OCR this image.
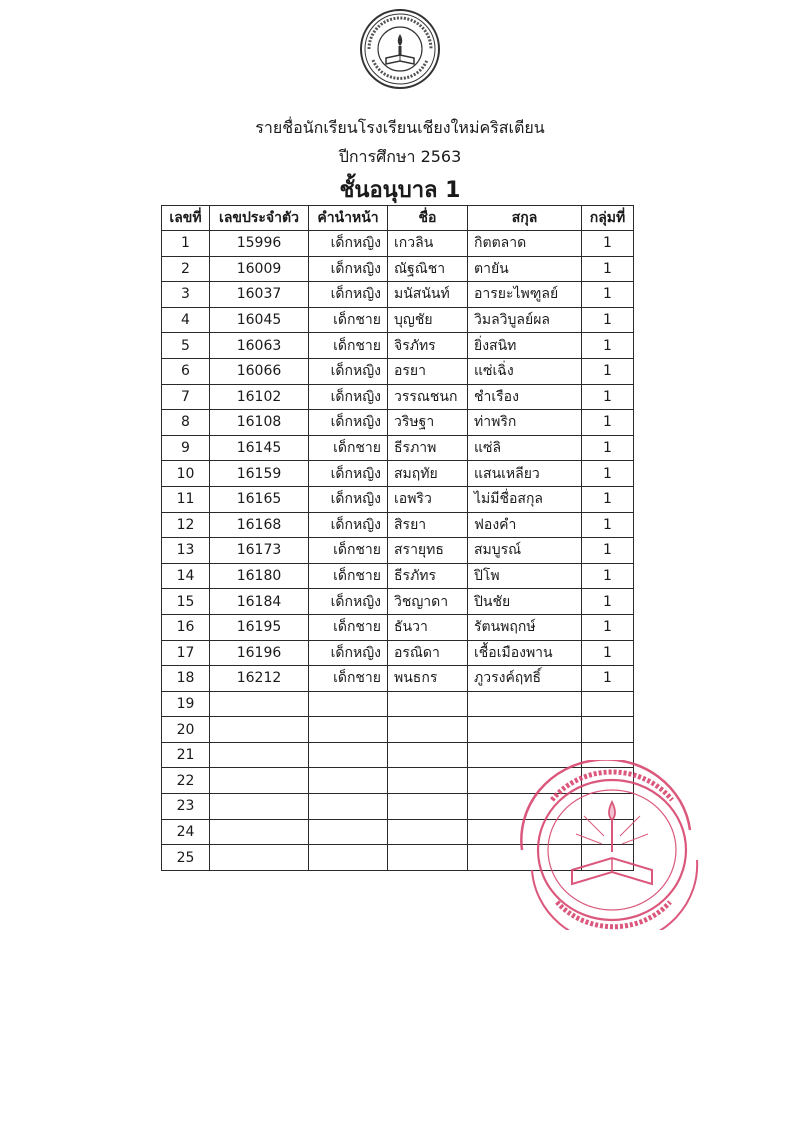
รายชื่อนักเรียนโรงเรียนเชียงใหม่คริสเตียน
ปีการศึกษา 2563
ชั้นอนุบาล 1
เลขที่	เลขประจำตัว	คำนำหน้า	ชื่อ	สกุล	กลุ่มที่
1	15996	เด็กหญิง	เกวลิน	กิตตลาด	1
2	16009	เด็กหญิง	ณัฐณิชา	ตายัน	1
3	16037	เด็กหญิง	มนัสนันท์	อารยะไพฑูลย์	1
4	16045	เด็กชาย	บุญชัย	วิมลวิบูลย์ผล	1
5	16063	เด็กชาย	จิรภัทร	ยิ่งสนิท	1
6	16066	เด็กหญิง	อรยา	แซ่เฉิ่ง	1
7	16102	เด็กหญิง	วรรณชนก	ชำเรือง	1
8	16108	เด็กหญิง	วริษฐา	ท่าพริก	1
9	16145	เด็กชาย	ธีรภาพ	แซ่ลิ	1
10	16159	เด็กหญิง	สมฤทัย	แสนเหลียว	1
11	16165	เด็กหญิง	เอพริว	ไม่มีชื่อสกุล	1
12	16168	เด็กหญิง	สิรยา	ฟองคำ	1
13	16173	เด็กชาย	สรายุทธ	สมบูรณ์	1
14	16180	เด็กชาย	ธีรภัทร	ปิโพ	1
15	16184	เด็กหญิง	วิชญาดา	ปินชัย	1
16	16195	เด็กชาย	ธันวา	รัตนพฤกษ์	1
17	16196	เด็กหญิง	อรณิดา	เชื้อเมืองพาน	1
18	16212	เด็กชาย	พนธกร	ภูวรงค์ฤทธิ์	1
19					
20					
21					
22					
23					
24					
25					
